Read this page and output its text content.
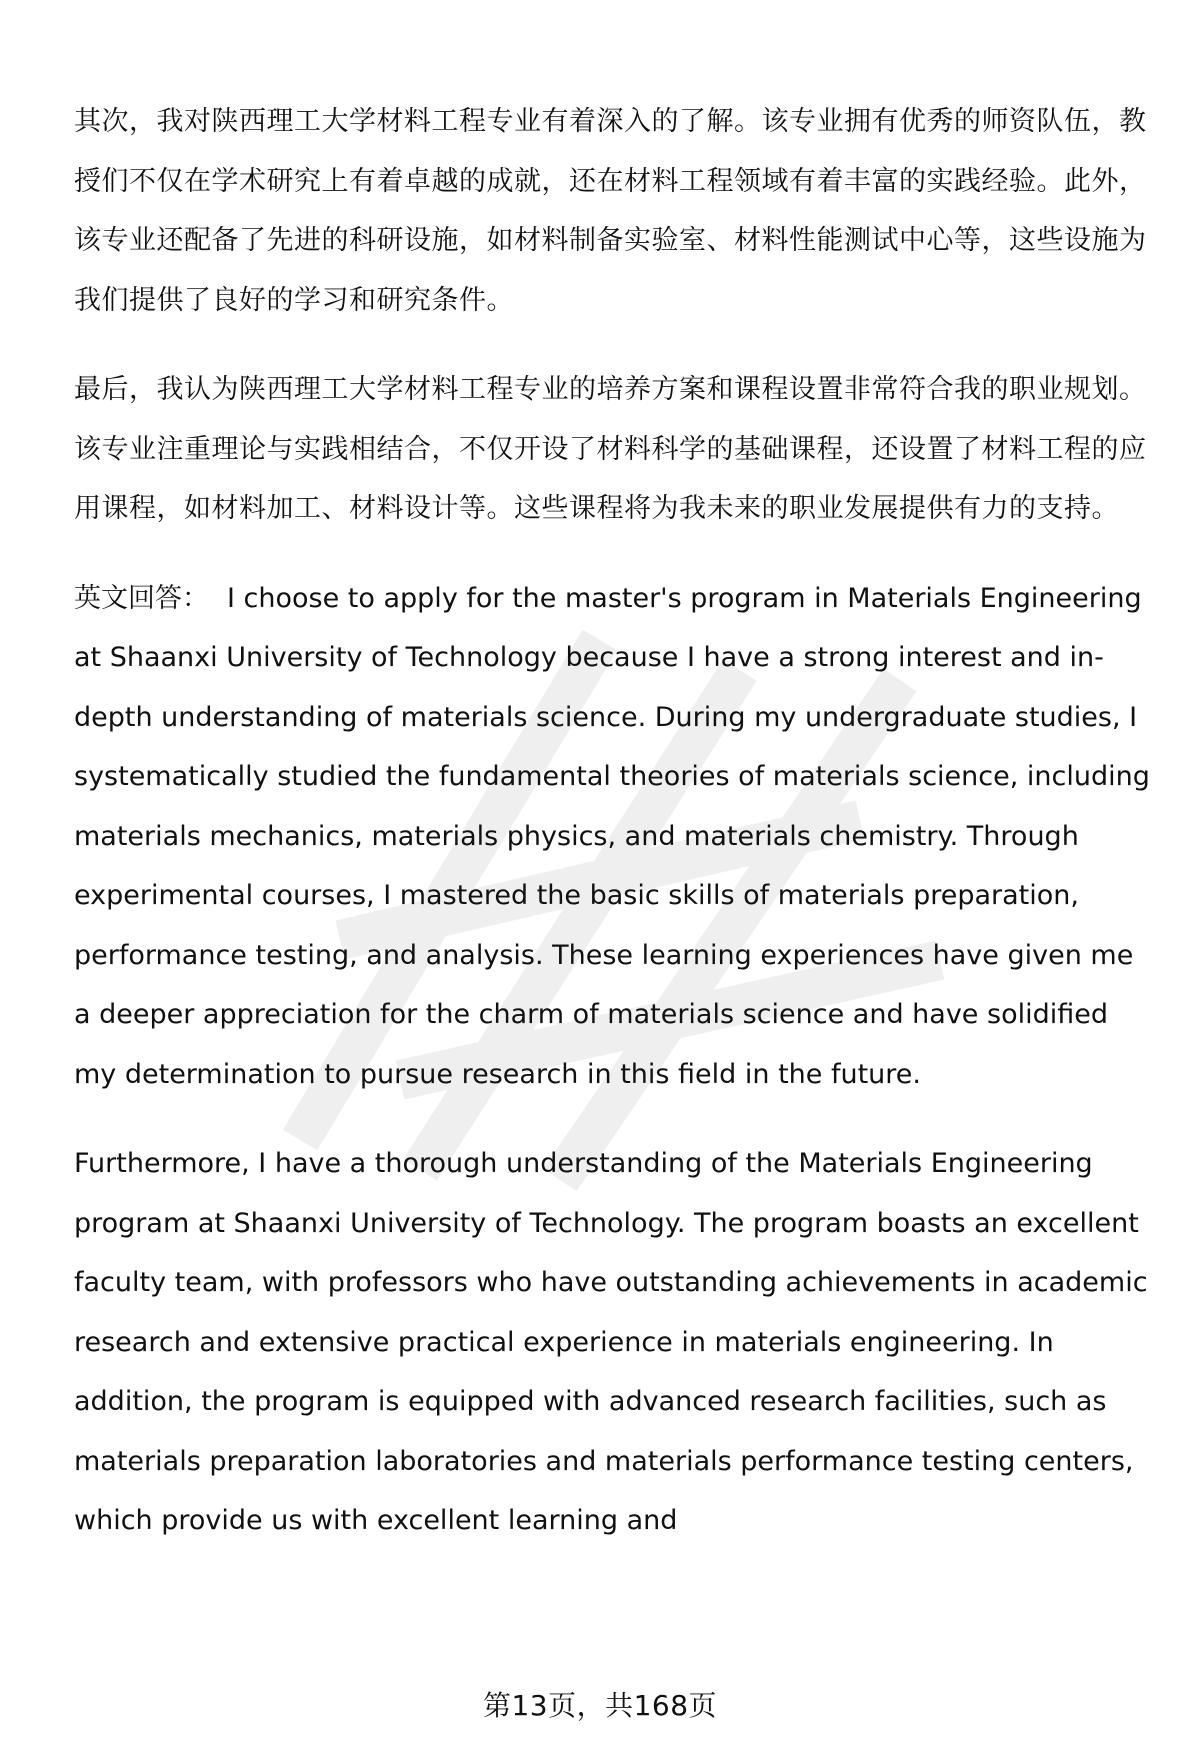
其次，我对陕西理工大学材料工程专业有着深入的了解。该专业拥有优秀的师资队伍，教授们不仅在学术研究上有着卓越的成就，还在材料工程领域有着丰富的实践经验。此外，该专业还配备了先进的科研设施，如材料制备实验室、材料性能测试中心等，这些设施为我们提供了良好的学习和研究条件。

最后，我认为陕西理工大学材料工程专业的培养方案和课程设置非常符合我的职业规划。该专业注重理论与实践相结合，不仅开设了材料科学的基础课程，还设置了材料工程的应用课程，如材料加工、材料设计等。这些课程将为我未来的职业发展提供有力的支持。

英文回答： I choose to apply for the master's program in Materials Engineering at Shaanxi University of Technology because I have a strong interest and in-depth understanding of materials science. During my undergraduate studies, I systematically studied the fundamental theories of materials science, including materials mechanics, materials physics, and materials chemistry. Through experimental courses, I mastered the basic skills of materials preparation, performance testing, and analysis. These learning experiences have given me a deeper appreciation for the charm of materials science and have solidified my determination to pursue research in this field in the future.

Furthermore, I have a thorough understanding of the Materials Engineering program at Shaanxi University of Technology. The program boasts an excellent faculty team, with professors who have outstanding achievements in academic research and extensive practical experience in materials engineering. In addition, the program is equipped with advanced research facilities, such as materials preparation laboratories and materials performance testing centers, which provide us with excellent learning and

第13页，共168页
